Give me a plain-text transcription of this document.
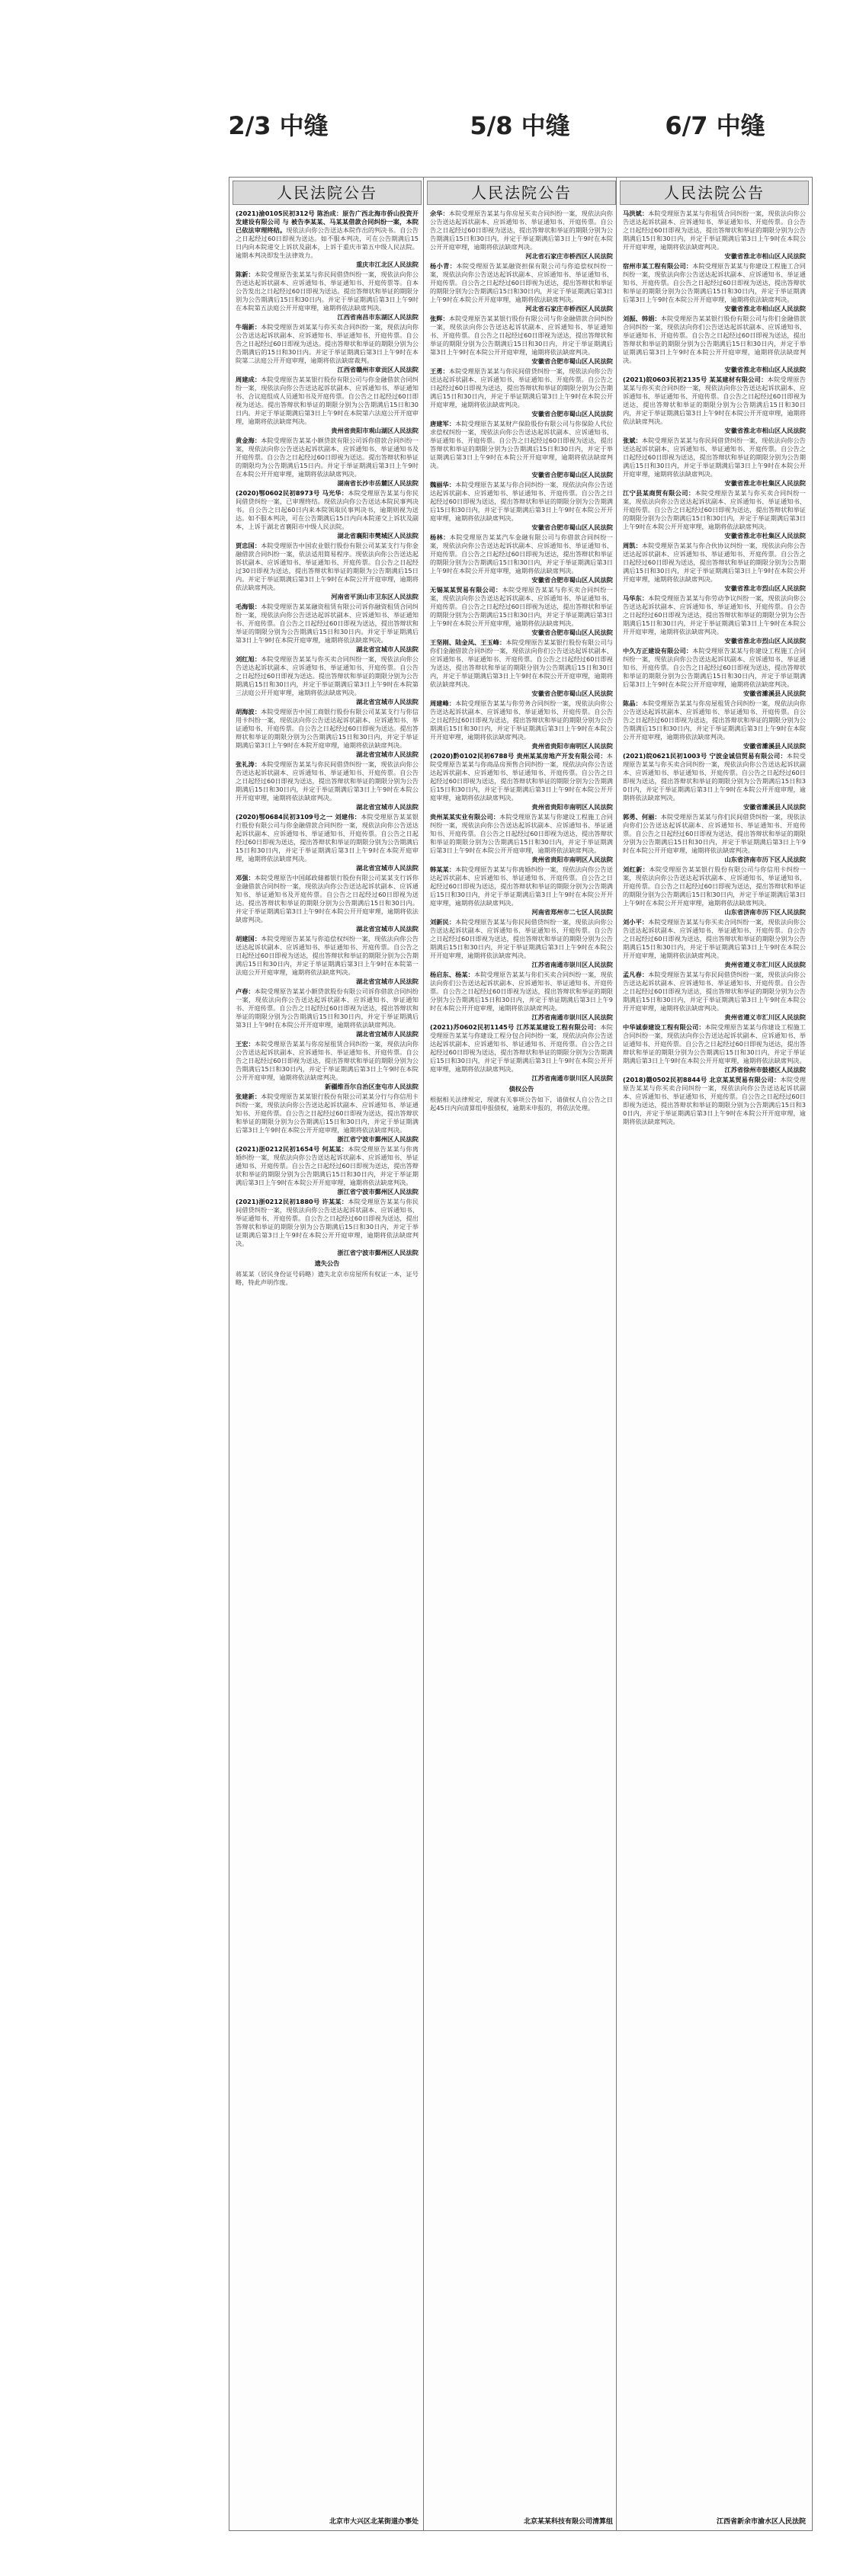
2/3 中缝	5/8 中缝	6/7 中缝
人民法院公告
(2021)渝0105民初312号 陈治成：原告广西北海市侨山投资开发建设有限公司 与 被告李某某、马某某借款合同纠纷一案，本院已依法审理终结。现依法向你公告送达本院作出的判决书。自公告之日起经过60日即视为送达。如不服本判决，可在公告期满后15日内向本院递交上诉状及副本，上诉于重庆市第五中级人民法院。逾期本判决即发生法律效力。
重庆市江北区人民法院
陈新：本院受理原告张某某与你民间借贷纠纷一案，现依法向你公告送达起诉状副本、应诉通知书、举证通知书、开庭传票等。自本公告发出之日起经过60日即视为送达。提出答辩状和举证的期限分别为公告期满后15日和30日内。并定于举证期满后第3日上午9时在本院第五法庭公开开庭审理，逾期将依法缺席判决。
江西省南昌市东湖区人民法院
牛瑞新：本院受理原告刘某某与你买卖合同纠纷一案，现依法向你公告送达起诉状副本、应诉通知书、举证通知书、开庭传票。自公告之日起经过60日即视为送达。提出答辩状和举证的期限分别为公告期满后的15日和30日内。并定于举证期满后第3日上午9时在本院第二法庭公开开庭审理，逾期将依法缺席裁判。
江西省赣州市章贡区人民法院
周建成：本院受理原告某某银行股份有限公司与你金融借款合同纠纷一案，现依法向你公告送达起诉状副本、应诉通知书、举证通知书、合议庭组成人员通知书及开庭传票。自公告之日起经过60日即视为送达。提出答辩状和举证的期限分别为公告期满后15日和30日内。并定于举证期满后第3日上午9时在本院第六法庭公开开庭审理，逾期将依法缺席判决。
贵州省贵阳市观山湖区人民法院
黄金海：本院受理原告某某小额贷款有限公司诉你借款合同纠纷一案，现依法向你公告送达起诉状副本、应诉通知书、举证通知书及开庭传票。自公告之日起经过60日即视为送达。提出答辩状和举证的期限均为公告期满后15日内。并定于举证期满后第3日上午9时在本院公开开庭审理，逾期将依法缺席判决。
湖南省长沙市岳麓区人民法院
(2020)鄂0602民初8973号 马光华：本院受理原告某某与你民间借贷纠纷一案，已审理终结。现依法向你公告送达本院民事判决书。自公告之日起60日内来本院领取民事判决书，逾期则视为送达。如不服本判决，可在公告期满后15日内向本院递交上诉状及副本，上诉于湖北省襄阳市中级人民法院。
湖北省襄阳市樊城区人民法院
贾忠国：本院受理原告中国农业银行股份有限公司某某支行与你金融借款合同纠纷一案，依法适用简易程序。现依法向你公告送达起诉状副本、应诉通知书、举证通知书、开庭传票。自公告之日起经过30日即视为送达，提出答辩状和举证的期限为公告期满后15日内。并定于举证期满后第3日上午9时在本院公开开庭审理，逾期将依法缺席判决。
河南省平顶山市卫东区人民法院
毛海银：本院受理原告某某融资租赁有限公司诉你融资租赁合同纠纷一案，现依法向你公告送达起诉状副本、应诉通知书、举证通知书、开庭传票。自公告之日起经过60日即视为送达，提出答辩状和举证的期限分别为公告期满后15日和30日内。并定于举证期满后第3日上午9时在本院开庭审理，逾期将依法缺席判决。
湖北省宜城市人民法院
刘红旭：本院受理原告某某与你买卖合同纠纷一案，现依法向你公告送达起诉状副本、应诉通知书、举证通知书、开庭传票。自公告之日起经过60日即视为送达。提出答辩状和举证的期限分别为公告期满后15日和30日内，并定于举证期满后第3日上午9时在本院第三法庭公开开庭审理，逾期将依法缺席判决。
湖北省宜城市人民法院
胡海波：本院受理原告中国工商银行股份有限公司某某支行与你信用卡纠纷一案，现依法向你公告送达起诉状副本、应诉通知书、举证通知书、开庭传票。自公告之日起经过60日即视为送达。提出答辩状和举证的期限分别为公告期满后15日和30日内，并定于举证期满后第3日上午9时在本院开庭审理，逾期将依法缺席判决。
湖北省宜城市人民法院
张礼涛：本院受理原告某某与你民间借贷纠纷一案，现依法向你公告送达起诉状副本、应诉通知书、举证通知书、开庭传票。自公告之日起经过60日即视为送达，提出答辩状和举证的期限分别为公告期满后15日和30日内，并定于举证期满后第3日上午9时在本院公开开庭审理，逾期将依法缺席判决。
湖北省宜城市人民法院
(2020)鄂0684民初3109号之一 刘建伟：本院受理原告某某银行股份有限公司与你金融借款合同纠纷一案，现依法向你公告送达起诉状副本、应诉通知书、举证通知书、开庭传票。自公告之日起经过60日即视为送达，提出答辩状和举证的期限分别为公告期满后15日和30日内，并定于举证期满后第3日上午9时在本院开庭审理，逾期将依法缺席判决。
湖北省宜城市人民法院
邓强：本院受理原告中国邮政储蓄银行股份有限公司某某支行诉你金融借款合同纠纷一案，现依法向你公告送达起诉状副本、应诉通知书、举证通知书及开庭传票。自公告之日起经过60日即视为送达。提出答辩状和举证的期限分别为公告期满后15日和30日内。并定于举证期满后第3日上午9时在本院公开开庭审理，逾期将依法缺席判决。
湖北省宜城市人民法院
胡建国：本院受理原告某某与你追偿权纠纷一案，现依法向你公告送达起诉状副本、应诉通知书、举证通知书、开庭传票。自公告之日起经过60日即视为送达，提出答辩状和举证的期限分别为公告期满后15日和30日内，并定于举证期满后第3日上午9时在本院第一法庭公开开庭审理，逾期将依法缺席判决。
湖北省宜城市人民法院
卢春：本院受理原告某某小额贷款股份有限公司诉你借款合同纠纷一案，现依法向你公告送达起诉状副本、应诉通知书、举证通知书、开庭传票。自公告之日起经过60日即视为送达，提出答辩状和举证的期限分别为公告期满后15日和30日内，并定于举证期满后第3日上午9时在本院公开开庭审理，逾期将依法缺席判决。
湖北省宜城市人民法院
王宏：本院受理原告某某与你房屋租赁合同纠纷一案，现依法向你公告送达起诉状副本、应诉通知书、举证通知书、开庭传票。自公告之日起经过60日即视为送达，提出答辩状和举证的期限分别为公告期满后15日和30日内，并定于举证期满后第3日上午9时在本院公开开庭审理，逾期将依法缺席判决。
新疆维吾尔自治区奎屯市人民法院
张建新：本院受理原告某某银行股份有限公司某某分行与你信用卡纠纷一案，现依法向你公告送达起诉状副本、应诉通知书、举证通知书、开庭传票。自公告之日起经过60日即视为送达，提出答辩状和举证的期限分别为公告期满后15日和30日内，并定于举证期满后第3日上午9时在本院公开开庭审理，逾期将依法缺席判决。
浙江省宁波市鄞州区人民法院
(2021)浙0212民初1654号 何某某：本院受理原告某某与你离婚纠纷一案，现依法向你公告送达起诉状副本、应诉通知书、举证通知书、开庭传票。自公告之日起经过60日即视为送达，提出答辩状和举证的期限分别为公告期满后15日和30日内，并定于举证期满后第3日上午9时在本院公开开庭审理，逾期将依法缺席判决。
浙江省宁波市鄞州区人民法院
(2021)浙0212民初1880号 许某某：本院受理原告某某与你民间借贷纠纷一案，现依法向你公告送达起诉状副本、应诉通知书、举证通知书、开庭传票。自公告之日起经过60日即视为送达，提出答辩状和举证的期限分别为公告期满后15日和30日内，并定于举证期满后第3日上午9时在本院公开开庭审理，逾期将依法缺席判决。
浙江省宁波市鄞州区人民法院
遗失公告
蒋某某（居民身份证号码略）遗失北京市房屋所有权证一本，证号略，特此声明作废。
北京市大兴区北某街道办事处
人民法院公告
余华：本院受理原告某某与你房屋买卖合同纠纷一案，现依法向你公告送达起诉状副本、应诉通知书、举证通知书、开庭传票。自公告之日起经过60日即视为送达，提出答辩状和举证的期限分别为公告期满后15日和30日内，并定于举证期满后第3日上午9时在本院公开开庭审理，逾期将依法缺席判决。
河北省石家庄市桥西区人民法院
杨小青：本院受理原告某某融资担保有限公司与你追偿权纠纷一案，现依法向你公告送达起诉状副本、应诉通知书、举证通知书、开庭传票。自公告之日起经过60日即视为送达，提出答辩状和举证的期限分别为公告期满后15日和30日内，并定于举证期满后第3日上午9时在本院公开开庭审理，逾期将依法缺席判决。
河北省石家庄市桥西区人民法院
张辉：本院受理原告某某银行股份有限公司与你金融借款合同纠纷一案，现依法向你公告送达起诉状副本、应诉通知书、举证通知书、开庭传票。自公告之日起经过60日即视为送达，提出答辩状和举证的期限分别为公告期满后15日和30日内，并定于举证期满后第3日上午9时在本院公开开庭审理，逾期将依法缺席判决。
安徽省合肥市蜀山区人民法院
王勇：本院受理原告某某与你民间借贷纠纷一案，现依法向你公告送达起诉状副本、应诉通知书、举证通知书、开庭传票。自公告之日起经过60日即视为送达，提出答辩状和举证的期限分别为公告期满后15日和30日内，并定于举证期满后第3日上午9时在本院公开开庭审理，逾期将依法缺席判决。
安徽省合肥市蜀山区人民法院
唐建军：本院受理原告某某财产保险股份有限公司与你保险人代位求偿权纠纷一案，现依法向你公告送达起诉状副本、应诉通知书、举证通知书、开庭传票。自公告之日起经过60日即视为送达，提出答辩状和举证的期限分别为公告期满后15日和30日内，并定于举证期满后第3日上午9时在本院公开开庭审理，逾期将依法缺席判决。
安徽省合肥市蜀山区人民法院
魏丽华：本院受理原告某某与你合同纠纷一案，现依法向你公告送达起诉状副本、应诉通知书、举证通知书、开庭传票。自公告之日起经过60日即视为送达，提出答辩状和举证的期限分别为公告期满后15日和30日内，并定于举证期满后第3日上午9时在本院公开开庭审理，逾期将依法缺席判决。
安徽省合肥市蜀山区人民法院
杨林：本院受理原告某某汽车金融有限公司与你借款合同纠纷一案，现依法向你公告送达起诉状副本、应诉通知书、举证通知书、开庭传票。自公告之日起经过60日即视为送达，提出答辩状和举证的期限分别为公告期满后15日和30日内，并定于举证期满后第3日上午9时在本院公开开庭审理，逾期将依法缺席判决。
安徽省合肥市蜀山区人民法院
无锡某某贸易有限公司：本院受理原告某某与你买卖合同纠纷一案，现依法向你公告送达起诉状副本、应诉通知书、举证通知书、开庭传票。自公告之日起经过60日即视为送达，提出答辩状和举证的期限分别为公告期满后15日和30日内，并定于举证期满后第3日上午9时在本院公开开庭审理，逾期将依法缺席判决。
安徽省合肥市蜀山区人民法院
王坚刚、陆金凤、王玉峰：本院受理原告某某银行股份有限公司与你们金融借款合同纠纷一案，现依法向你们公告送达起诉状副本、应诉通知书、举证通知书、开庭传票。自公告之日起经过60日即视为送达，提出答辩状和举证的期限分别为公告期满后15日和30日内，并定于举证期满后第3日上午9时在本院公开开庭审理，逾期将依法缺席判决。
安徽省合肥市蜀山区人民法院
周建峰：本院受理原告某某与你劳务合同纠纷一案，现依法向你公告送达起诉状副本、应诉通知书、举证通知书、开庭传票。自公告之日起经过60日即视为送达，提出答辩状和举证的期限分别为公告期满后15日和30日内，并定于举证期满后第3日上午9时在本院公开开庭审理，逾期将依法缺席判决。
贵州省贵阳市南明区人民法院
(2020)黔0102民初6788号 贵州某某房地产开发有限公司：本院受理原告某某与你商品房预售合同纠纷一案，现依法向你公告送达起诉状副本、应诉通知书、举证通知书、开庭传票。自公告之日起经过60日即视为送达，提出答辩状和举证的期限分别为公告期满后15日和30日内，并定于举证期满后第3日上午9时在本院公开开庭审理，逾期将依法缺席判决。
贵州省贵阳市南明区人民法院
贵州某某实业有限公司：本院受理原告某某与你建设工程施工合同纠纷一案，现依法向你公告送达起诉状副本、应诉通知书、举证通知书、开庭传票。自公告之日起经过60日即视为送达，提出答辩状和举证的期限分别为公告期满后15日和30日内，并定于举证期满后第3日上午9时在本院公开开庭审理，逾期将依法缺席判决。
贵州省贵阳市南明区人民法院
韩某某：本院受理原告某某与你离婚纠纷一案，现依法向你公告送达起诉状副本、应诉通知书、举证通知书、开庭传票。自公告之日起经过60日即视为送达，提出答辩状和举证的期限分别为公告期满后15日和30日内，并定于举证期满后第3日上午9时在本院公开开庭审理，逾期将依法缺席判决。
河南省郑州市二七区人民法院
刘新民：本院受理原告某某与你民间借贷纠纷一案，现依法向你公告送达起诉状副本、应诉通知书、举证通知书、开庭传票。自公告之日起经过60日即视为送达，提出答辩状和举证的期限分别为公告期满后15日和30日内，并定于举证期满后第3日上午9时在本院公开开庭审理，逾期将依法缺席判决。
江苏省南通市崇川区人民法院
杨启东、杨某：本院受理原告某某与你们买卖合同纠纷一案，现依法向你们公告送达起诉状副本、应诉通知书、举证通知书、开庭传票。自公告之日起经过60日即视为送达，提出答辩状和举证的期限分别为公告期满后15日和30日内，并定于举证期满后第3日上午9时在本院公开开庭审理，逾期将依法缺席判决。
江苏省南通市崇川区人民法院
(2021)苏0602民初1145号 江苏某某建设工程有限公司：本院受理原告某某与你建设工程分包合同纠纷一案，现依法向你公告送达起诉状副本、应诉通知书、举证通知书、开庭传票。自公告之日起经过60日即视为送达，提出答辩状和举证的期限分别为公告期满后15日和30日内，并定于举证期满后第3日上午9时在本院公开开庭审理，逾期将依法缺席判决。
江苏省南通市崇川区人民法院
债权公告
根据相关法律规定，现就有关事项公告如下，请债权人自公告之日起45日内向清算组申报债权，逾期未申报的，将依法处理。
北京某某科技有限公司清算组
人民法院公告
马洪斌：本院受理原告某某与你租赁合同纠纷一案，现依法向你公告送达起诉状副本、应诉通知书、举证通知书、开庭传票。自公告之日起经过60日即视为送达，提出答辩状和举证的期限分别为公告期满后15日和30日内，并定于举证期满后第3日上午9时在本院公开开庭审理，逾期将依法缺席判决。
安徽省淮北市相山区人民法院
宿州市某工程有限公司：本院受理原告某某与你建设工程施工合同纠纷一案，现依法向你公告送达起诉状副本、应诉通知书、举证通知书、开庭传票。自公告之日起经过60日即视为送达，提出答辩状和举证的期限分别为公告期满后15日和30日内，并定于举证期满后第3日上午9时在本院公开开庭审理，逾期将依法缺席判决。
安徽省淮北市相山区人民法院
刘振、韩娟：本院受理原告某某银行股份有限公司与你们金融借款合同纠纷一案，现依法向你们公告送达起诉状副本、应诉通知书、举证通知书、开庭传票。自公告之日起经过60日即视为送达，提出答辩状和举证的期限分别为公告期满后15日和30日内，并定于举证期满后第3日上午9时在本院公开开庭审理，逾期将依法缺席判决。
安徽省淮北市相山区人民法院
(2021)皖0603民初2135号 某某建材有限公司：本院受理原告某某与你买卖合同纠纷一案，现依法向你公告送达起诉状副本、应诉通知书、举证通知书、开庭传票。自公告之日起经过60日即视为送达，提出答辩状和举证的期限分别为公告期满后15日和30日内，并定于举证期满后第3日上午9时在本院公开开庭审理，逾期将依法缺席判决。
安徽省淮北市相山区人民法院
张斌：本院受理原告某某与你民间借贷纠纷一案，现依法向你公告送达起诉状副本、应诉通知书、举证通知书、开庭传票。自公告之日起经过60日即视为送达，提出答辩状和举证的期限分别为公告期满后15日和30日内，并定于举证期满后第3日上午9时在本院公开开庭审理，逾期将依法缺席判决。
安徽省淮北市杜集区人民法院
江宁县某商贸有限公司：本院受理原告某某与你买卖合同纠纷一案，现依法向你公告送达起诉状副本、应诉通知书、举证通知书、开庭传票。自公告之日起经过60日即视为送达，提出答辩状和举证的期限分别为公告期满后15日和30日内，并定于举证期满后第3日上午9时在本院公开开庭审理，逾期将依法缺席判决。
安徽省淮北市杜集区人民法院
周凯：本院受理原告某某与你合伙协议纠纷一案，现依法向你公告送达起诉状副本、应诉通知书、举证通知书、开庭传票。自公告之日起经过60日即视为送达，提出答辩状和举证的期限分别为公告期满后15日和30日内，并定于举证期满后第3日上午9时在本院公开开庭审理，逾期将依法缺席判决。
安徽省淮北市烈山区人民法院
马华东：本院受理原告某某与你劳动争议纠纷一案，现依法向你公告送达起诉状副本、应诉通知书、举证通知书、开庭传票。自公告之日起经过60日即视为送达，提出答辩状和举证的期限分别为公告期满后15日和30日内，并定于举证期满后第3日上午9时在本院公开开庭审理，逾期将依法缺席判决。
安徽省淮北市烈山区人民法院
中久方正建设有限公司：本院受理原告某某与你建设工程施工合同纠纷一案，现依法向你公告送达起诉状副本、应诉通知书、举证通知书、开庭传票。自公告之日起经过60日即视为送达，提出答辩状和举证的期限分别为公告期满后15日和30日内，并定于举证期满后第3日上午9时在本院公开开庭审理，逾期将依法缺席判决。
安徽省濉溪县人民法院
陈晶：本院受理原告某某与你房屋租赁合同纠纷一案，现依法向你公告送达起诉状副本、应诉通知书、举证通知书、开庭传票。自公告之日起经过60日即视为送达，提出答辩状和举证的期限分别为公告期满后15日和30日内，并定于举证期满后第3日上午9时在本院公开开庭审理，逾期将依法缺席判决。
安徽省濉溪县人民法院
(2021)皖0621民初1003号 宁波金诚信贸易有限公司：本院受理原告某某与你买卖合同纠纷一案，现依法向你公告送达起诉状副本、应诉通知书、举证通知书、开庭传票。自公告之日起经过60日即视为送达，提出答辩状和举证的期限分别为公告期满后15日和30日内，并定于举证期满后第3日上午9时在本院公开开庭审理，逾期将依法缺席判决。
安徽省濉溪县人民法院
郭勇、何丽：本院受理原告某某与你们民间借贷纠纷一案，现依法向你们公告送达起诉状副本、应诉通知书、举证通知书、开庭传票。自公告之日起经过60日即视为送达，提出答辩状和举证的期限分别为公告期满后15日和30日内，并定于举证期满后第3日上午9时在本院公开开庭审理，逾期将依法缺席判决。
山东省济南市历下区人民法院
刘红新：本院受理原告某某银行股份有限公司与你信用卡纠纷一案，现依法向你公告送达起诉状副本、应诉通知书、举证通知书、开庭传票。自公告之日起经过60日即视为送达，提出答辩状和举证的期限分别为公告期满后15日和30日内，并定于举证期满后第3日上午9时在本院公开开庭审理，逾期将依法缺席判决。
山东省济南市历下区人民法院
刘小平：本院受理原告某某与你买卖合同纠纷一案，现依法向你公告送达起诉状副本、应诉通知书、举证通知书、开庭传票。自公告之日起经过60日即视为送达，提出答辩状和举证的期限分别为公告期满后15日和30日内，并定于举证期满后第3日上午9时在本院公开开庭审理，逾期将依法缺席判决。
贵州省遵义市汇川区人民法院
孟凡春：本院受理原告某某与你民间借贷纠纷一案，现依法向你公告送达起诉状副本、应诉通知书、举证通知书、开庭传票。自公告之日起经过60日即视为送达，提出答辩状和举证的期限分别为公告期满后15日和30日内，并定于举证期满后第3日上午9时在本院公开开庭审理，逾期将依法缺席判决。
贵州省遵义市汇川区人民法院
中华诚泰建设工程有限公司：本院受理原告某某与你建设工程施工合同纠纷一案，现依法向你公告送达起诉状副本、应诉通知书、举证通知书、开庭传票。自公告之日起经过60日即视为送达，提出答辩状和举证的期限分别为公告期满后15日和30日内，并定于举证期满后第3日上午9时在本院公开开庭审理，逾期将依法缺席判决。
江苏省徐州市鼓楼区人民法院
(2018)赣0502民初8844号 北京某某贸易有限公司：本院受理原告某某与你买卖合同纠纷一案，现依法向你公告送达起诉状副本、应诉通知书、举证通知书、开庭传票。自公告之日起经过60日即视为送达，提出答辩状和举证的期限分别为公告期满后15日和30日内，并定于举证期满后第3日上午9时在本院公开开庭审理，逾期将依法缺席判决。
江西省新余市渝水区人民法院
